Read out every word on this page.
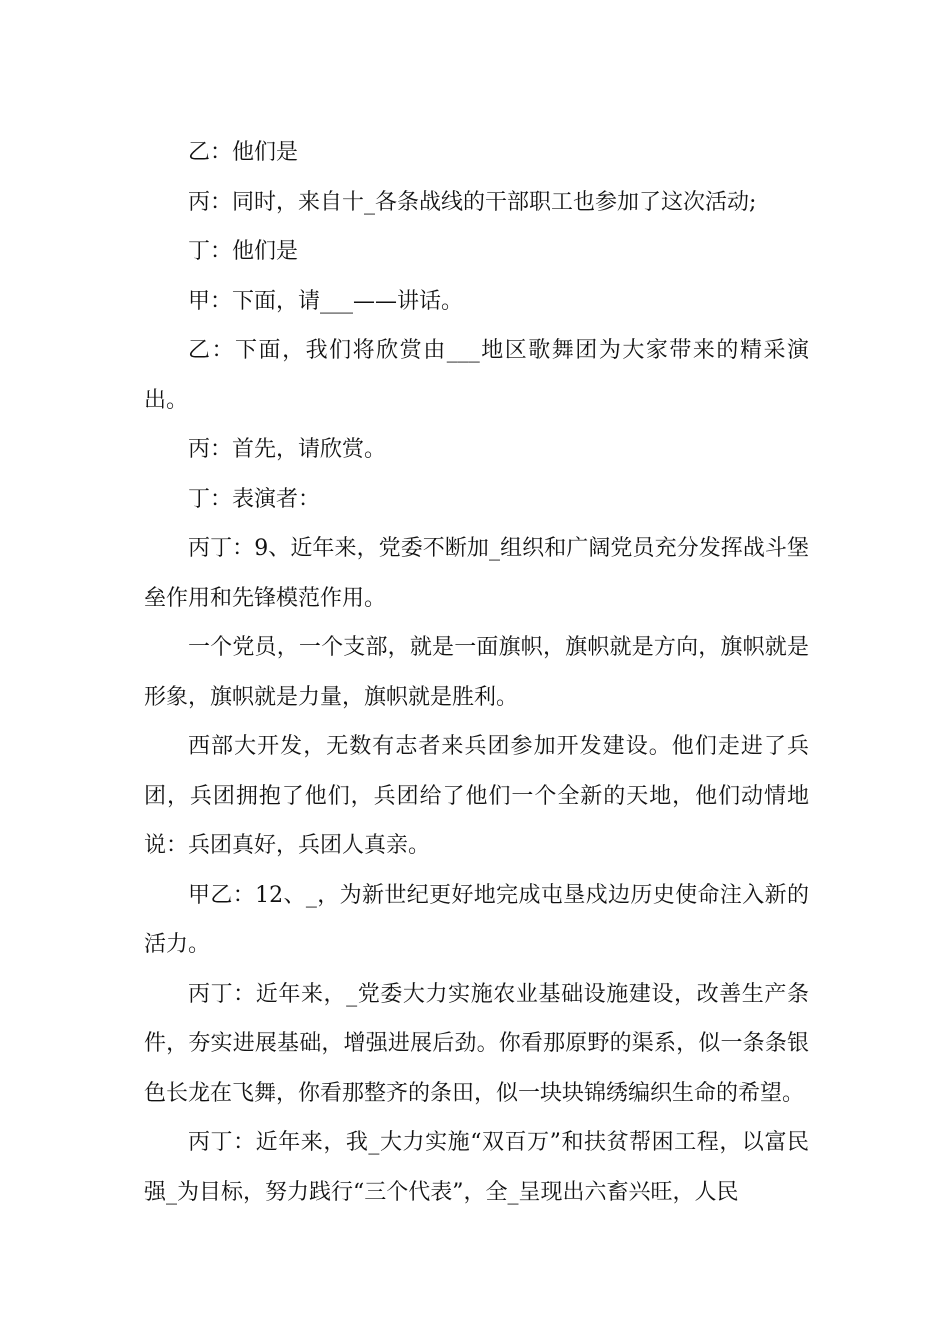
乙：他们是

丙：同时，来自十_各条战线的干部职工也参加了这次活动;

丁：他们是

甲：下面，请___——讲话。

乙：下面，我们将欣赏由___地区歌舞团为大家带来的精采演出。

丙：首先，请欣赏。

丁：表演者：

丙丁：9、近年来，党委不断加_组织和广阔党员充分发挥战斗堡垒作用和先锋模范作用。

一个党员，一个支部，就是一面旗帜，旗帜就是方向，旗帜就是形象，旗帜就是力量，旗帜就是胜利。

西部大开发，无数有志者来兵团参加开发建设。他们走进了兵团，兵团拥抱了他们，兵团给了他们一个全新的天地，他们动情地说：兵团真好，兵团人真亲。

甲乙：12、_，为新世纪更好地完成屯垦戍边历史使命注入新的活力。

丙丁：近年来，_党委大力实施农业基础设施建设，改善生产条件，夯实进展基础，增强进展后劲。你看那原野的渠系，似一条条银色长龙在飞舞，你看那整齐的条田，似一块块锦绣编织生命的希望。

丙丁：近年来，我_大力实施“双百万”和扶贫帮困工程，以富民强_为目标，努力践行“三个代表”，全_呈现出六畜兴旺，人民
